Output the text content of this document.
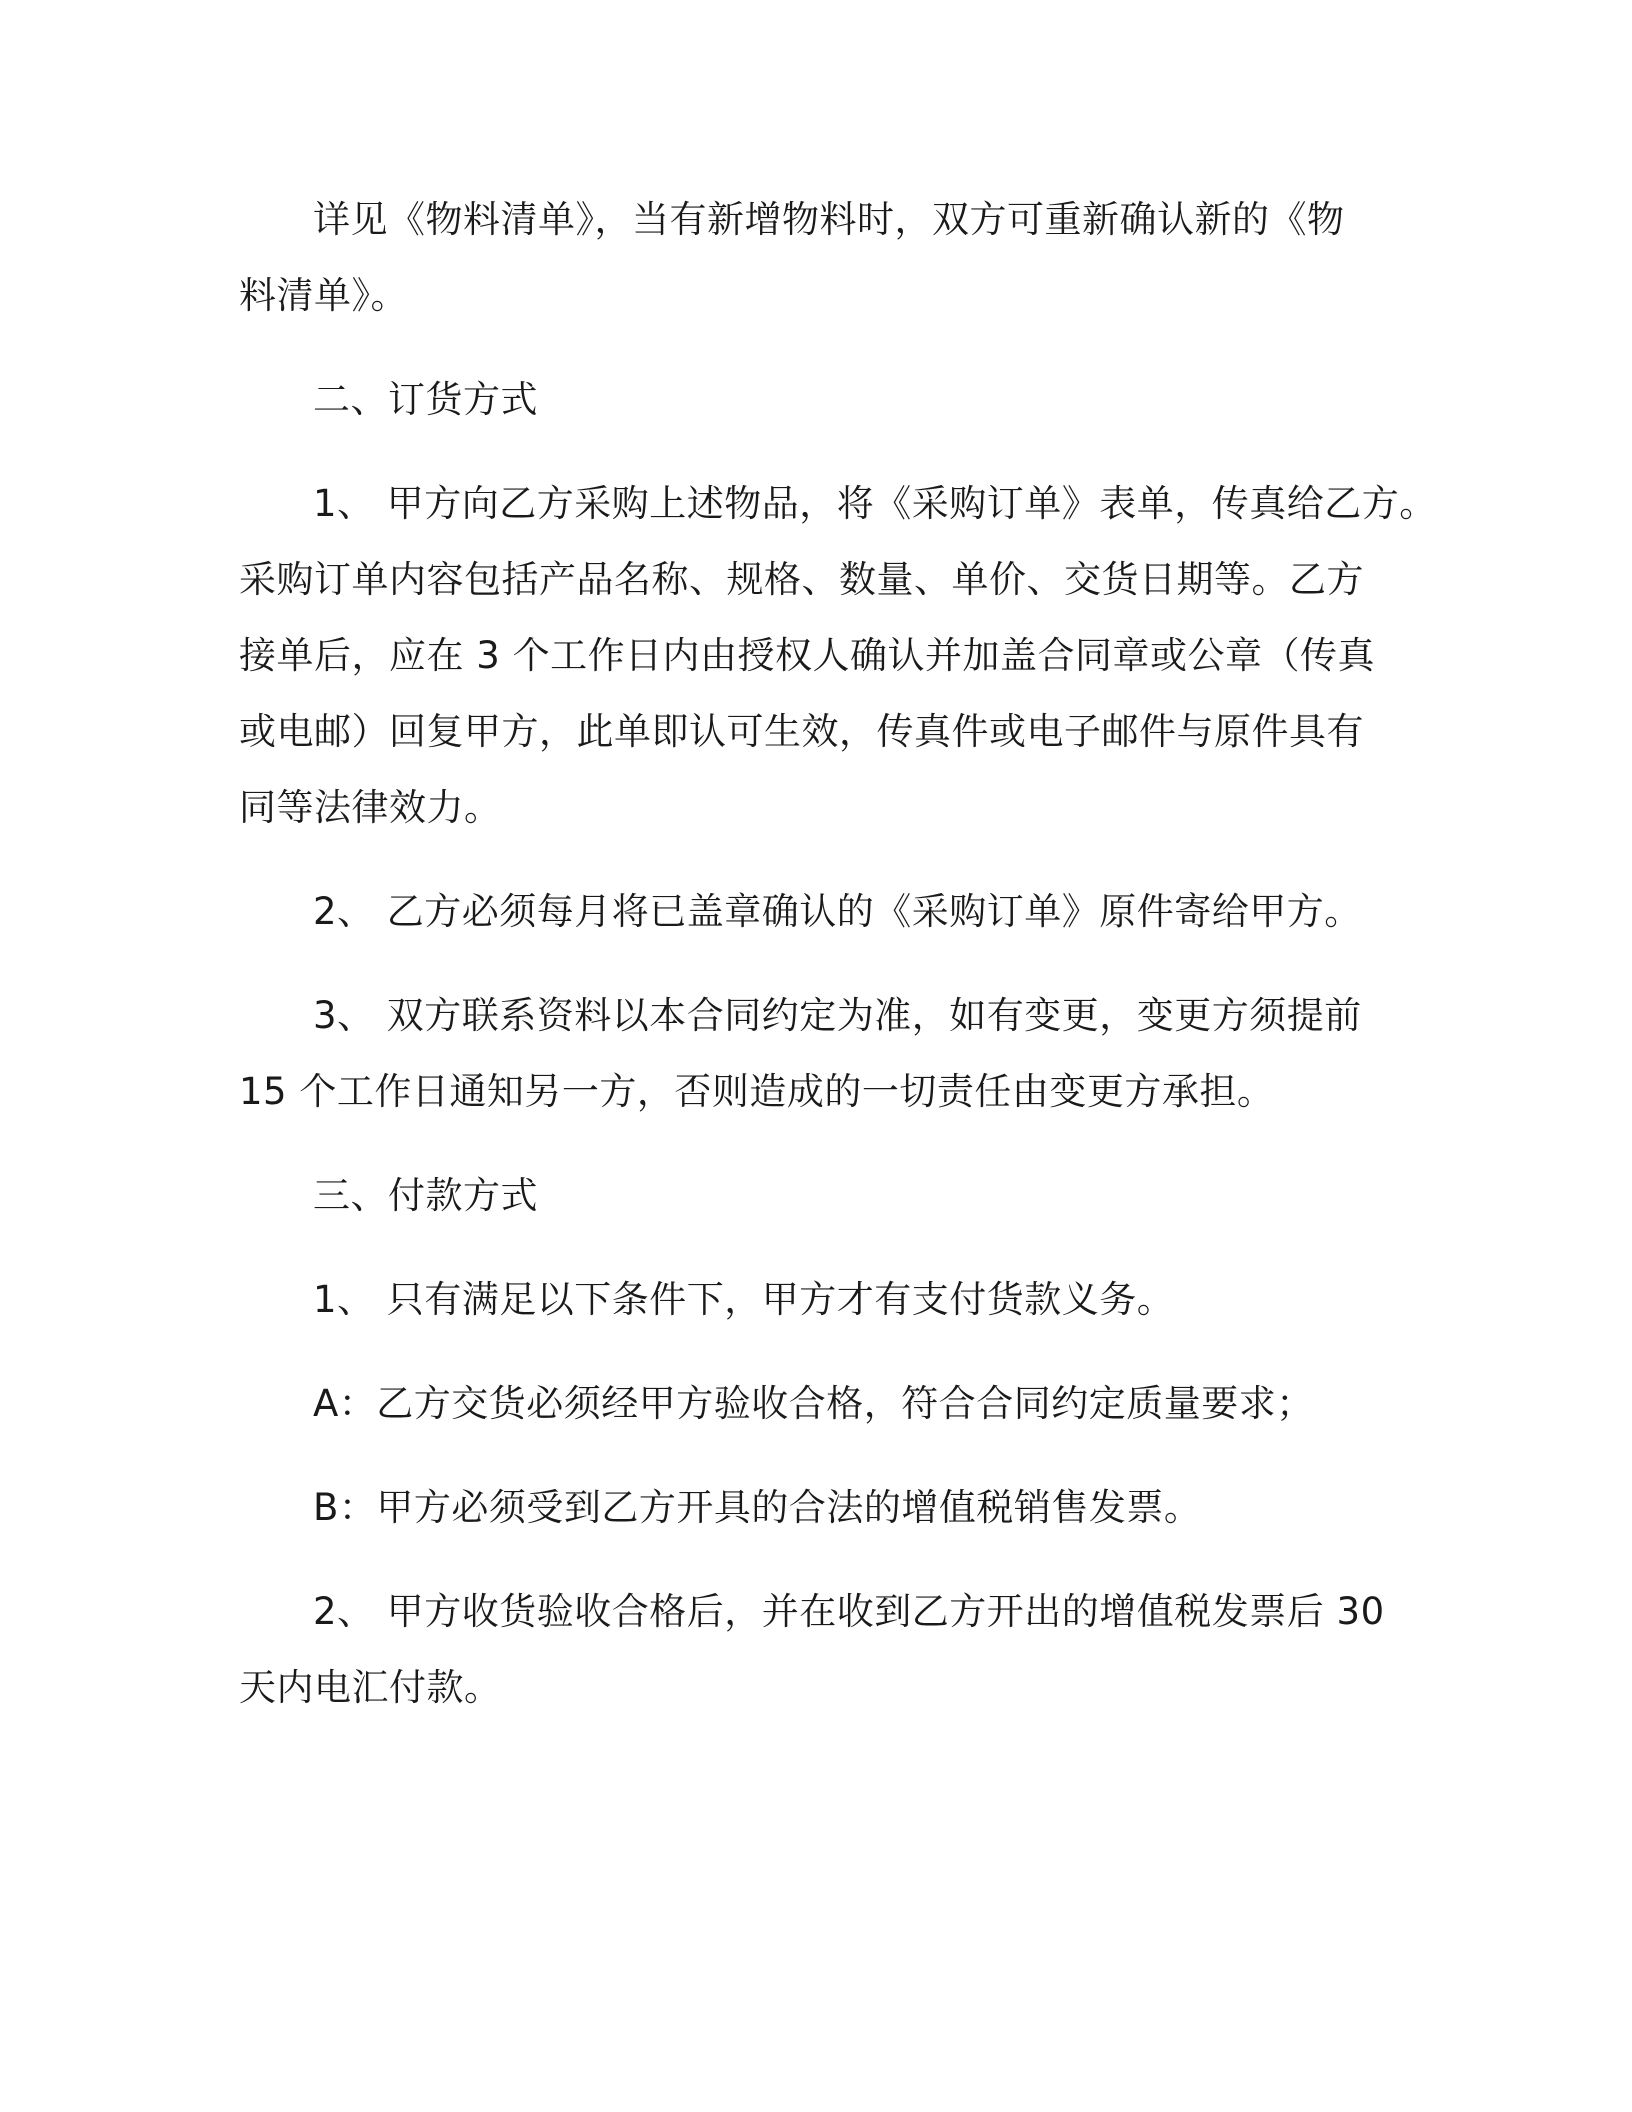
详见《物料清单》，当有新增物料时，双方可重新确认新的《物
料清单》。
二、订货方式
1、 甲方向乙方采购上述物品，将《采购订单》表单，传真给乙方。
采购订单内容包括产品名称、规格、数量、单价、交货日期等。乙方
接单后，应在 3 个工作日内由授权人确认并加盖合同章或公章（传真
或电邮）回复甲方，此单即认可生效，传真件或电子邮件与原件具有
同等法律效力。
2、 乙方必须每月将已盖章确认的《采购订单》原件寄给甲方。
3、 双方联系资料以本合同约定为准，如有变更，变更方须提前
15 个工作日通知另一方，否则造成的一切责任由变更方承担。
三、付款方式
1、 只有满足以下条件下，甲方才有支付货款义务。
A：乙方交货必须经甲方验收合格，符合合同约定质量要求；
B：甲方必须受到乙方开具的合法的增值税销售发票。
2、 甲方收货验收合格后，并在收到乙方开出的增值税发票后 30
天内电汇付款。
